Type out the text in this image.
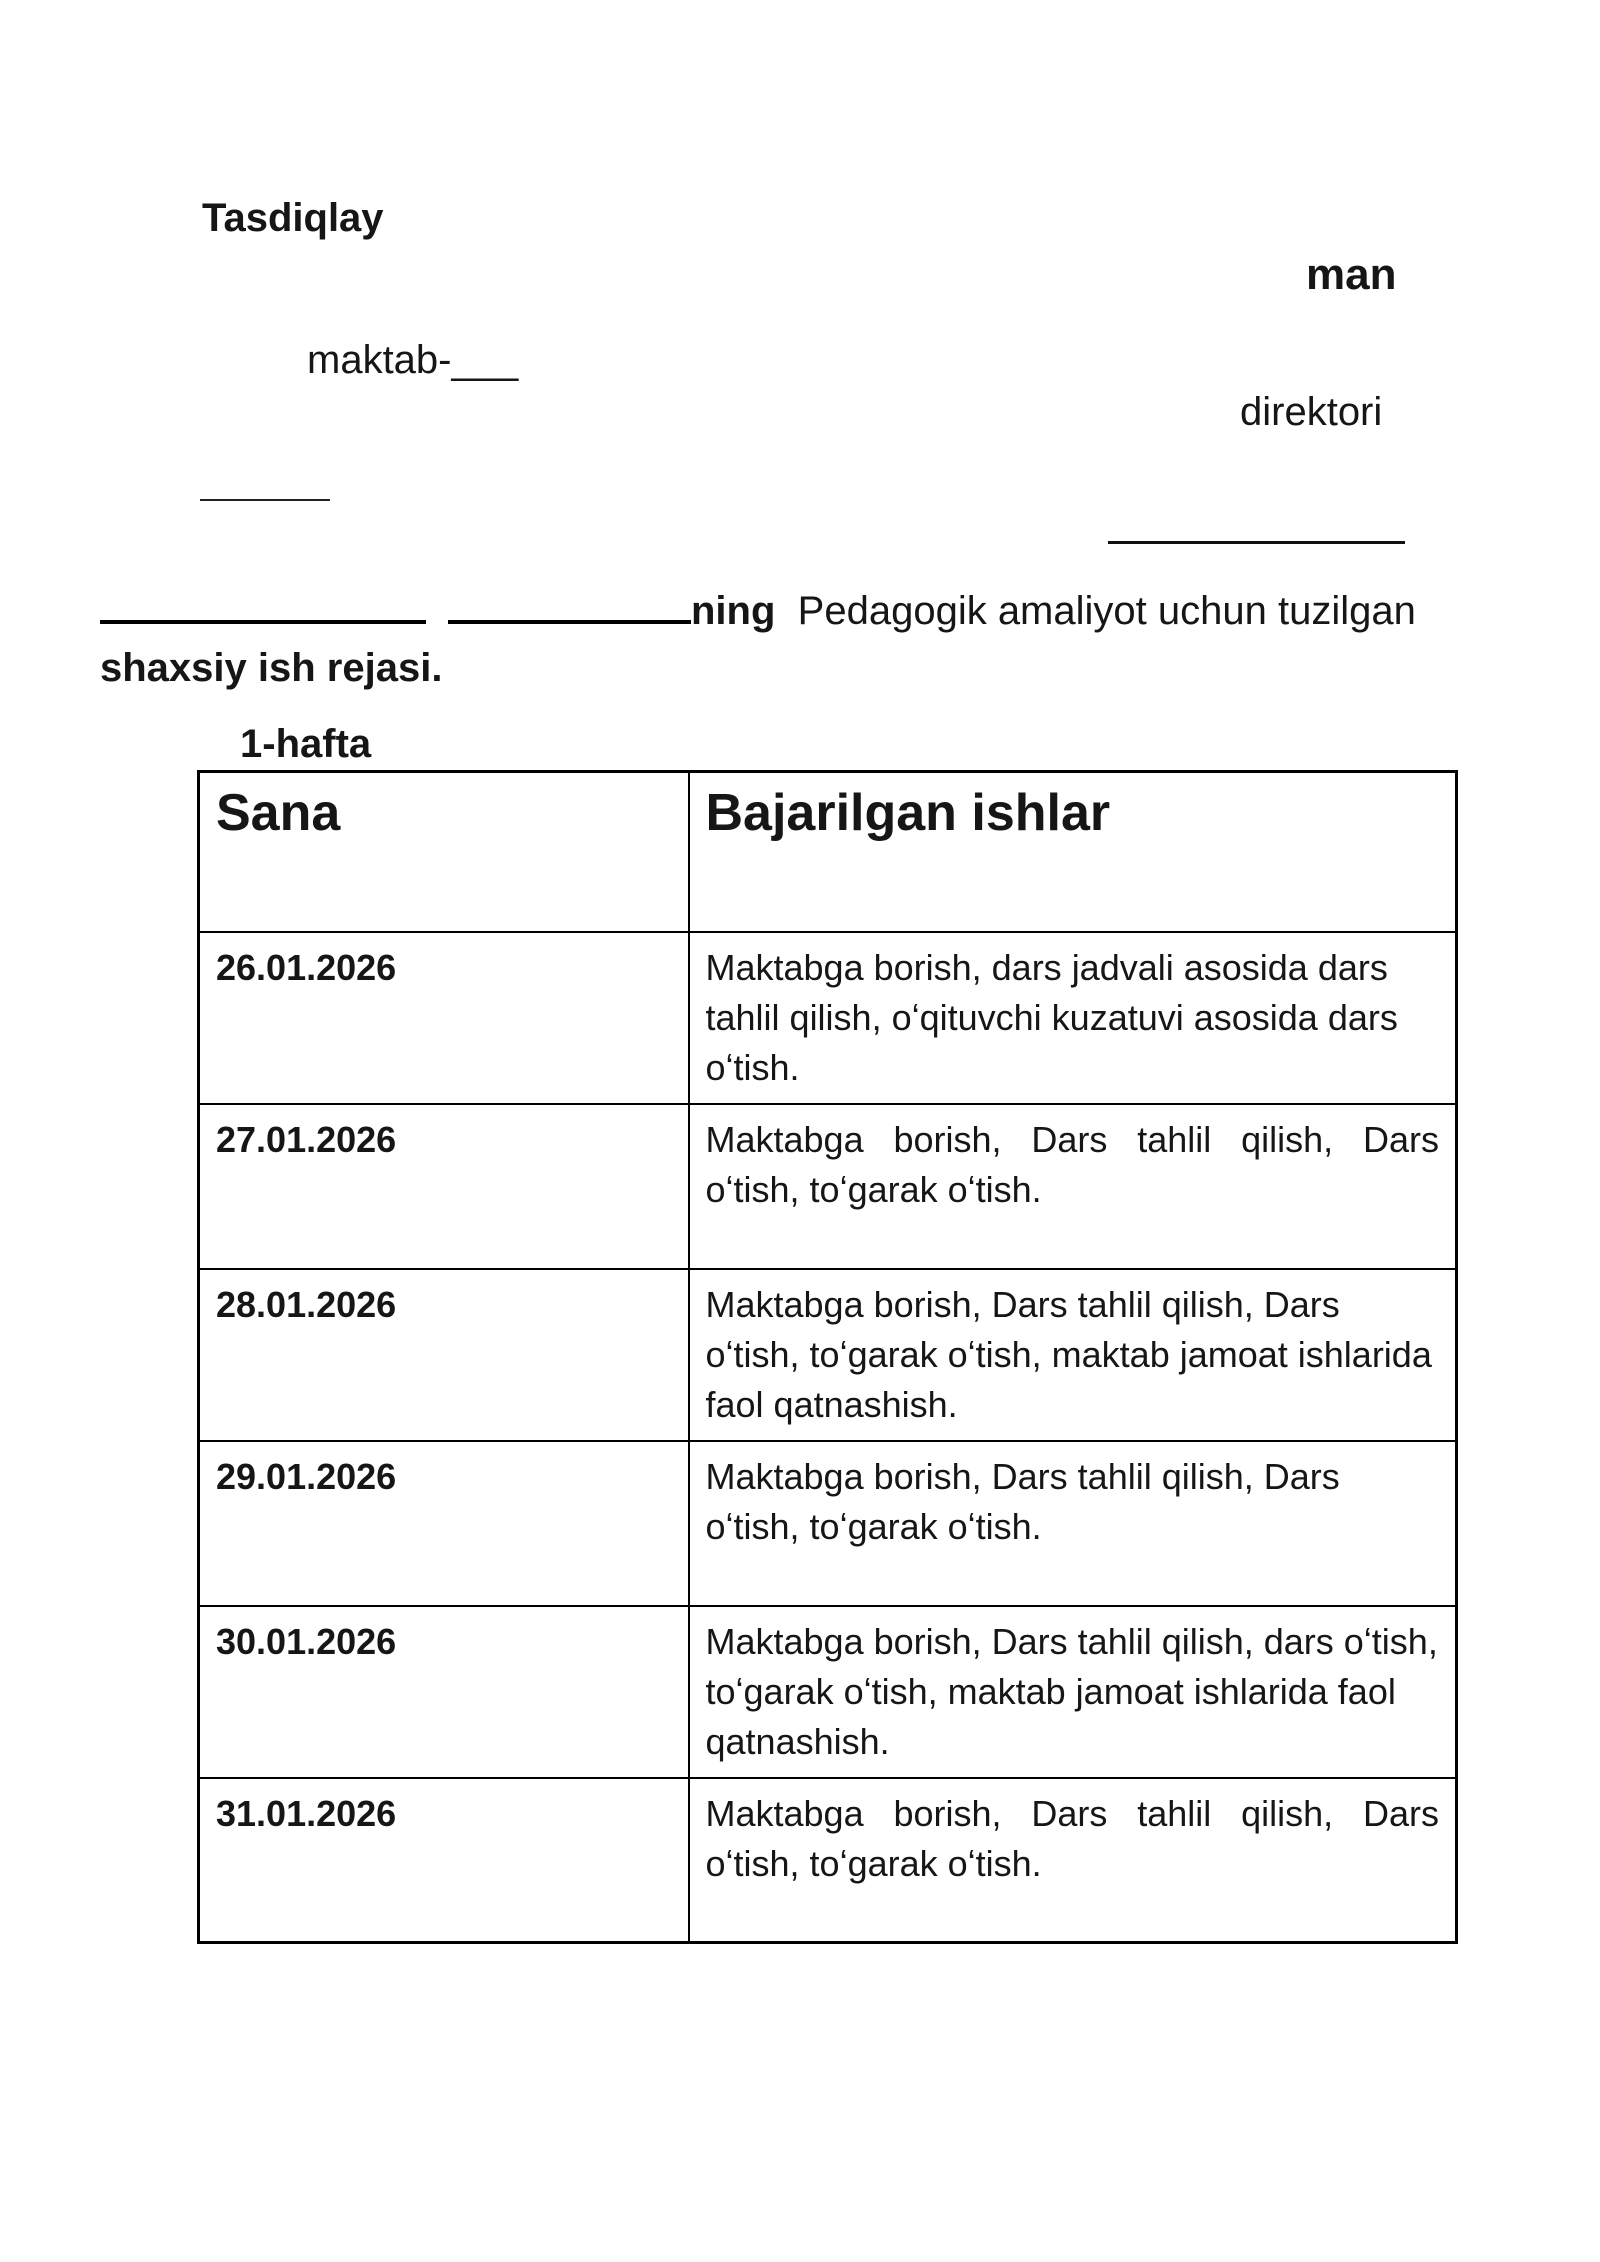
Tasdiqlay
man
maktab-___
direktori
ning Pedagogik amaliyot uchun tuzilgan shaxsiy ish rejasi.
1-hafta
Sana	Bajarilgan ishlar
26.01.2026	Maktabga borish, dars jadvali asosida dars tahlil qilish, oʻqituvchi kuzatuvi asosida dars oʻtish.
27.01.2026	Maktabga borish, Dars tahlil qilish, Dars oʻtish, toʻgarak oʻtish.
28.01.2026	Maktabga borish, Dars tahlil qilish, Dars oʻtish, toʻgarak oʻtish, maktab jamoat ishlarida faol qatnashish.
29.01.2026	Maktabga borish, Dars tahlil qilish, Dars oʻtish, toʻgarak oʻtish.
30.01.2026	Maktabga borish, Dars tahlil qilish, dars oʻtish, toʻgarak oʻtish, maktab jamoat ishlarida faol qatnashish.
31.01.2026	Maktabga borish, Dars tahlil qilish, Dars oʻtish, toʻgarak oʻtish.
